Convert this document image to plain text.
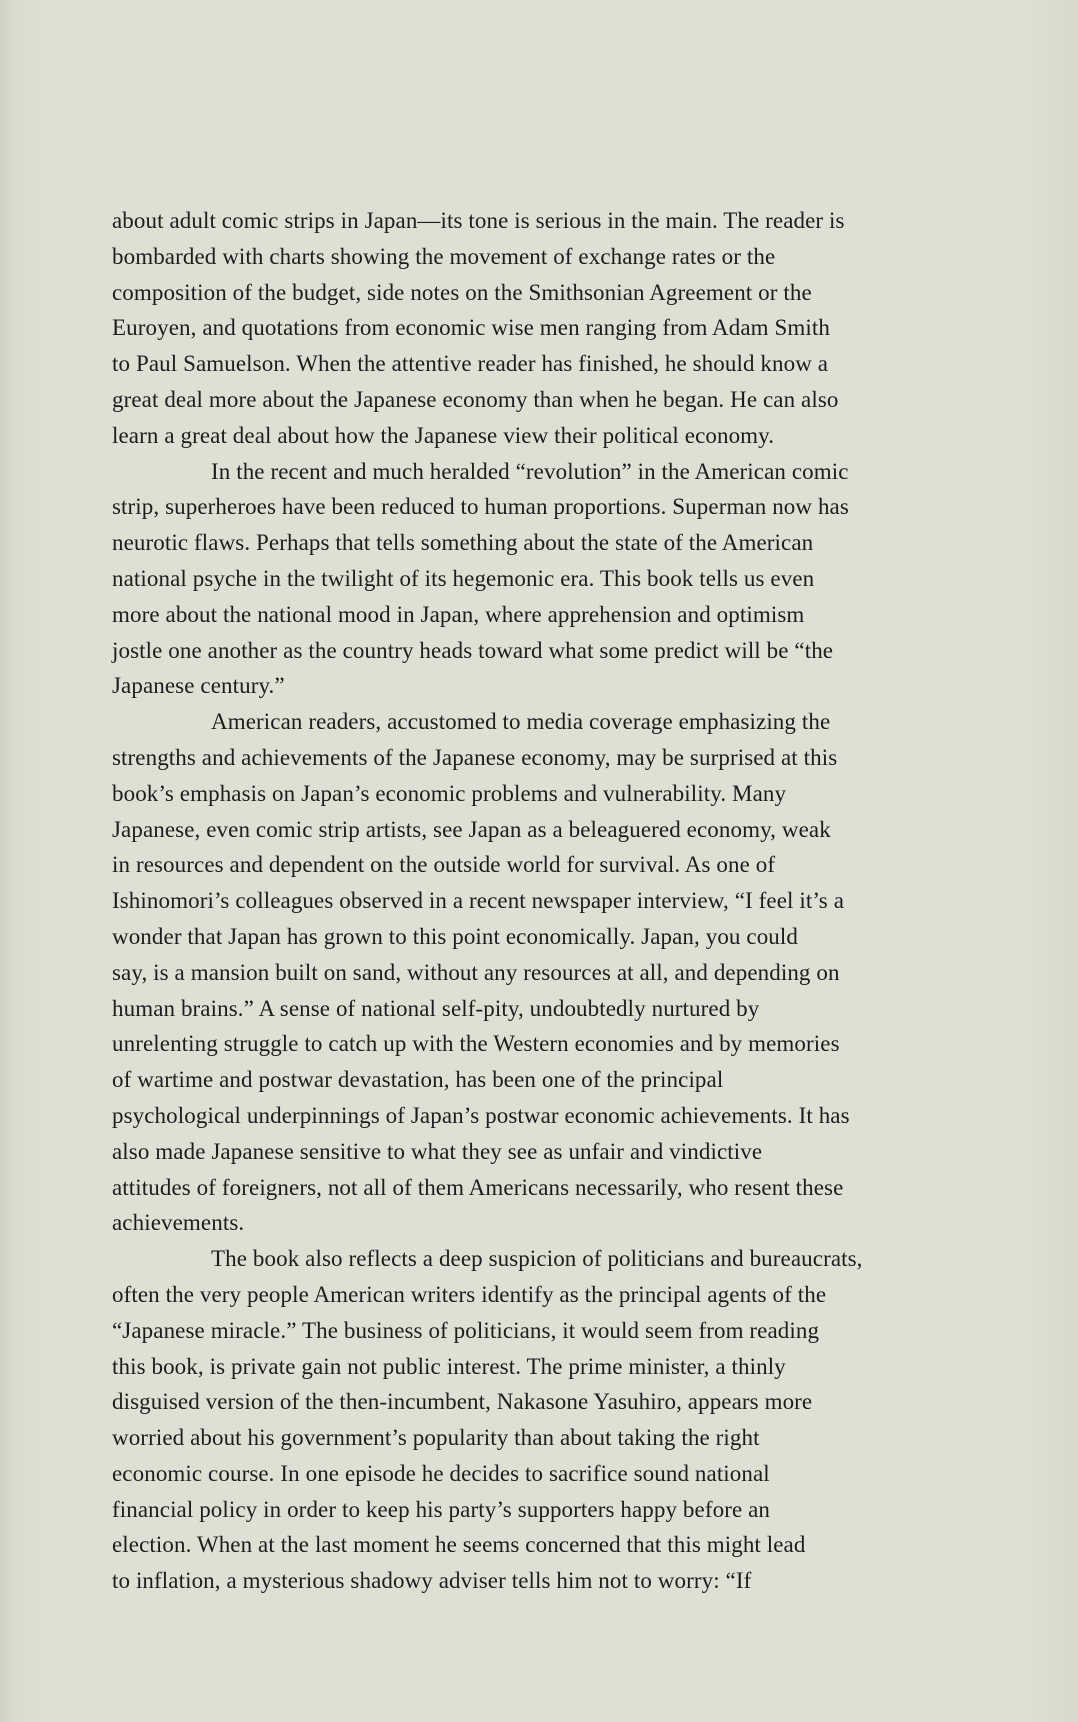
about adult comic strips in Japan—its tone is serious in the main. The reader is
bombarded with charts showing the movement of exchange rates or the
composition of the budget, side notes on the Smithsonian Agreement or the
Euroyen, and quotations from economic wise men ranging from Adam Smith
to Paul Samuelson. When the attentive reader has finished, he should know a
great deal more about the Japanese economy than when he began. He can also
learn a great deal about how the Japanese view their political economy.
In the recent and much heralded “revolution” in the American comic
strip, superheroes have been reduced to human proportions. Superman now has
neurotic flaws. Perhaps that tells something about the state of the American
national psyche in the twilight of its hegemonic era. This book tells us even
more about the national mood in Japan, where apprehension and optimism
jostle one another as the country heads toward what some predict will be “the
Japanese century.”
American readers, accustomed to media coverage emphasizing the
strengths and achievements of the Japanese economy, may be surprised at this
book’s emphasis on Japan’s economic problems and vulnerability. Many
Japanese, even comic strip artists, see Japan as a beleaguered economy, weak
in resources and dependent on the outside world for survival. As one of
Ishinomori’s colleagues observed in a recent newspaper interview, “I feel it’s a
wonder that Japan has grown to this point economically. Japan, you could
say, is a mansion built on sand, without any resources at all, and depending on
human brains.” A sense of national self-pity, undoubtedly nurtured by
unrelenting struggle to catch up with the Western economies and by memories
of wartime and postwar devastation, has been one of the principal
psychological underpinnings of Japan’s postwar economic achievements. It has
also made Japanese sensitive to what they see as unfair and vindictive
attitudes of foreigners, not all of them Americans necessarily, who resent these
achievements.
The book also reflects a deep suspicion of politicians and bureaucrats,
often the very people American writers identify as the principal agents of the
“Japanese miracle.” The business of politicians, it would seem from reading
this book, is private gain not public interest. The prime minister, a thinly
disguised version of the then-incumbent, Nakasone Yasuhiro, appears more
worried about his government’s popularity than about taking the right
economic course. In one episode he decides to sacrifice sound national
financial policy in order to keep his party’s supporters happy before an
election. When at the last moment he seems concerned that this might lead
to inflation, a mysterious shadowy adviser tells him not to worry: “If
